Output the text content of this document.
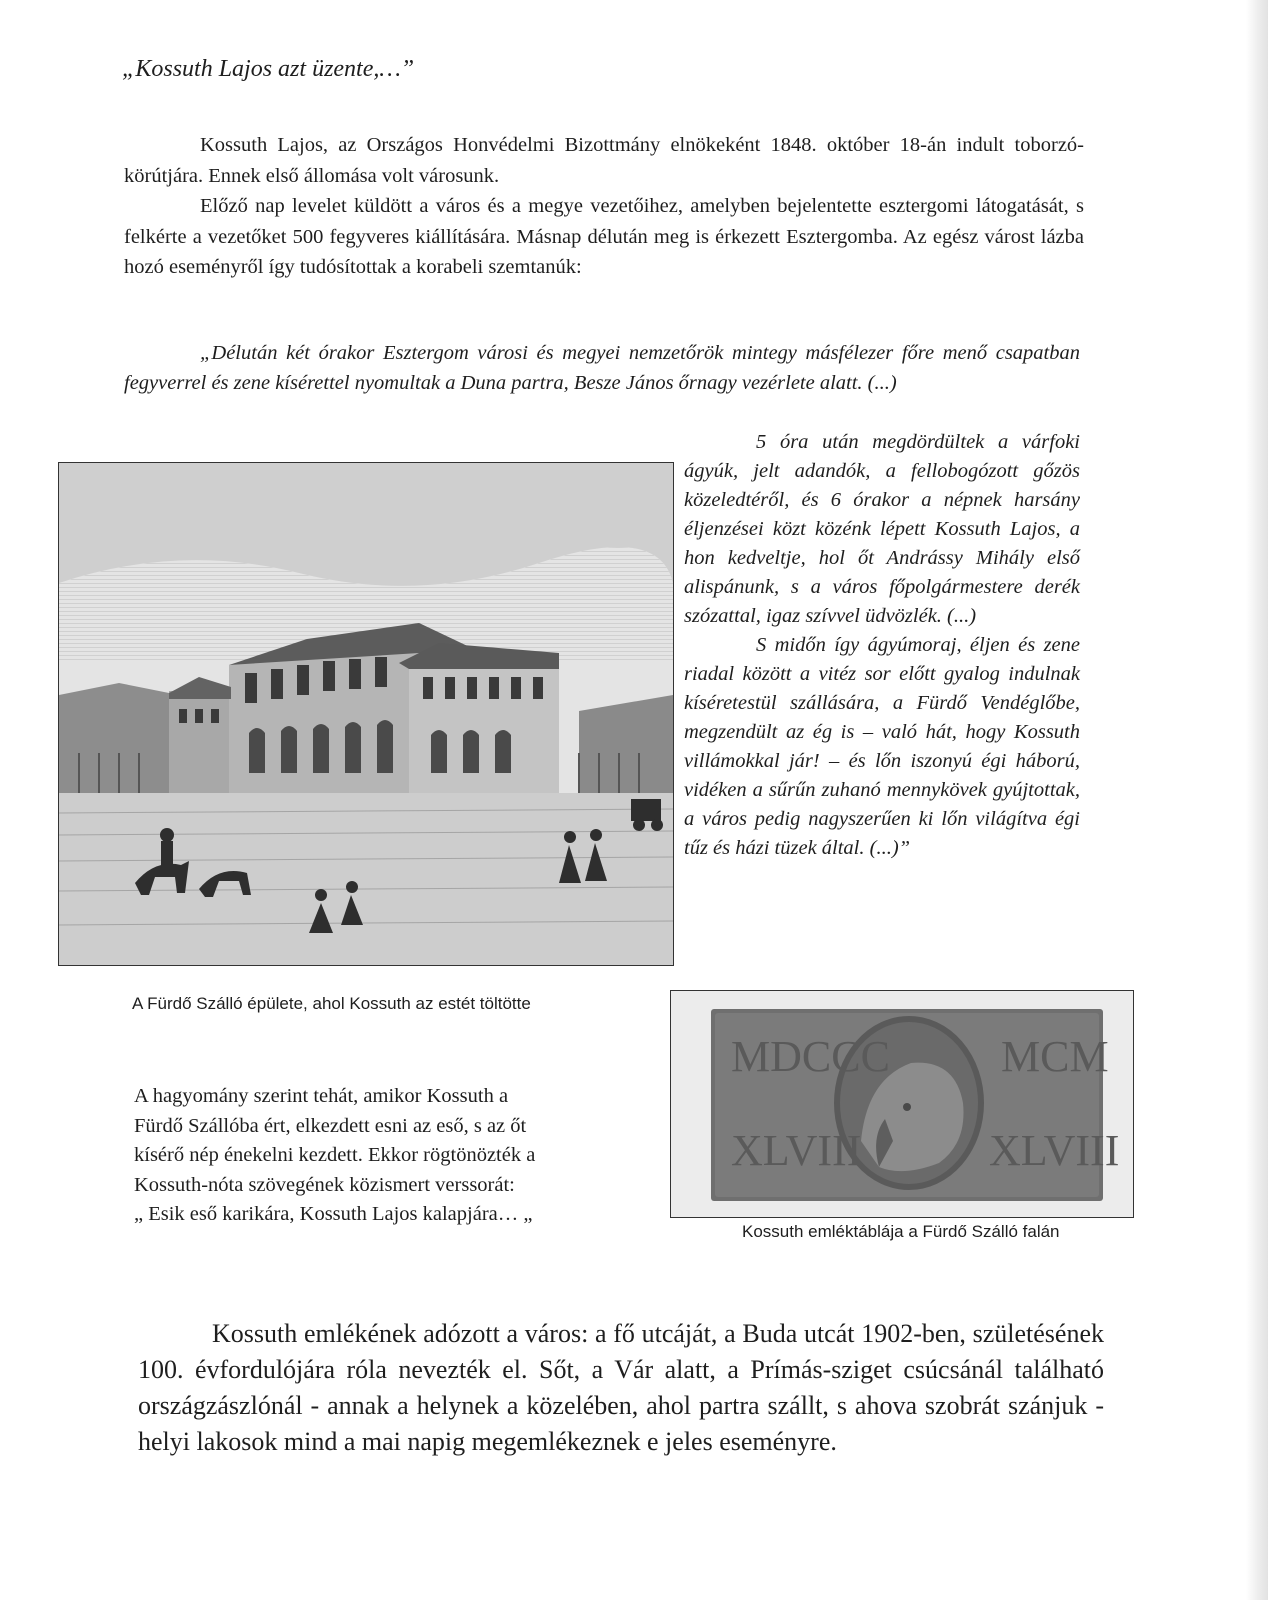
„Kossuth Lajos azt üzente,…”

Kossuth Lajos, az Országos Honvédelmi Bizottmány elnökeként 1848. október 18-án indult toborzó-körútjára. Ennek első állomása volt városunk.

Előző nap levelet küldött a város és a megye vezetőihez, amelyben bejelentette esztergomi látogatását, s felkérte a vezetőket 500 fegyveres kiállítására. Másnap délután meg is érkezett Esztergomba. Az egész várost lázba hozó eseményről így tudósítottak a korabeli szemtanúk:

„Délután két órakor Esztergom városi és megyei nemzetőrök mintegy másfélezer főre menő csapatban fegyverrel és zene kísérettel nyomultak a Duna partra, Besze János őrnagy vezérlete alatt. (...)

5 óra után megdördültek a várfoki ágyúk, jelt adandók, a fellobogózott gőzös közeledtéről, és 6 órakor a népnek harsány éljenzései közt közénk lépett Kossuth Lajos, a hon kedveltje, hol őt Andrássy Mihály első alispánunk, s a város főpolgármestere derék szózattal, igaz szívvel üdvözlék. (...)

S midőn így ágyúmoraj, éljen és zene riadal között a vitéz sor előtt gyalog indulnak kíséretestül szállására, a Fürdő Vendéglőbe, megzendült az ég is – való hát, hogy Kossuth villámokkal jár! – és lőn iszonyú égi háború, vidéken a sűrűn zuhanó mennykövek gyújtottak, a város pedig nagyszerűen ki lőn világítva égi tűz és házi tüzek által. (...)”

A Fürdő Szálló épülete, ahol Kossuth az estét töltötte
A hagyomány szerint tehát, amikor Kossuth a
Fürdő Szállóba ért, elkezdett esni az eső, s az őt
kísérő nép énekelni kezdett. Ekkor rögtönözték a
Kossuth-nóta szövegének közismert verssorát:
„ Esik eső karikára, Kossuth Lajos kalapjára… „
MDCCC	MCM
XLVIII	XLVIII
Kossuth emléktáblája a Fürdő Szálló falán

Kossuth emlékének adózott a város: a fő utcáját, a Buda utcát 1902-ben, születésének 100. évfordulójára róla nevezték el. Sőt, a Vár alatt, a Prímás-sziget csúcsánál található országzászlónál - annak a helynek a közelében, ahol partra szállt, s ahova szobrát szánjuk - helyi lakosok mind a mai napig megemlékeznek e jeles eseményre.
